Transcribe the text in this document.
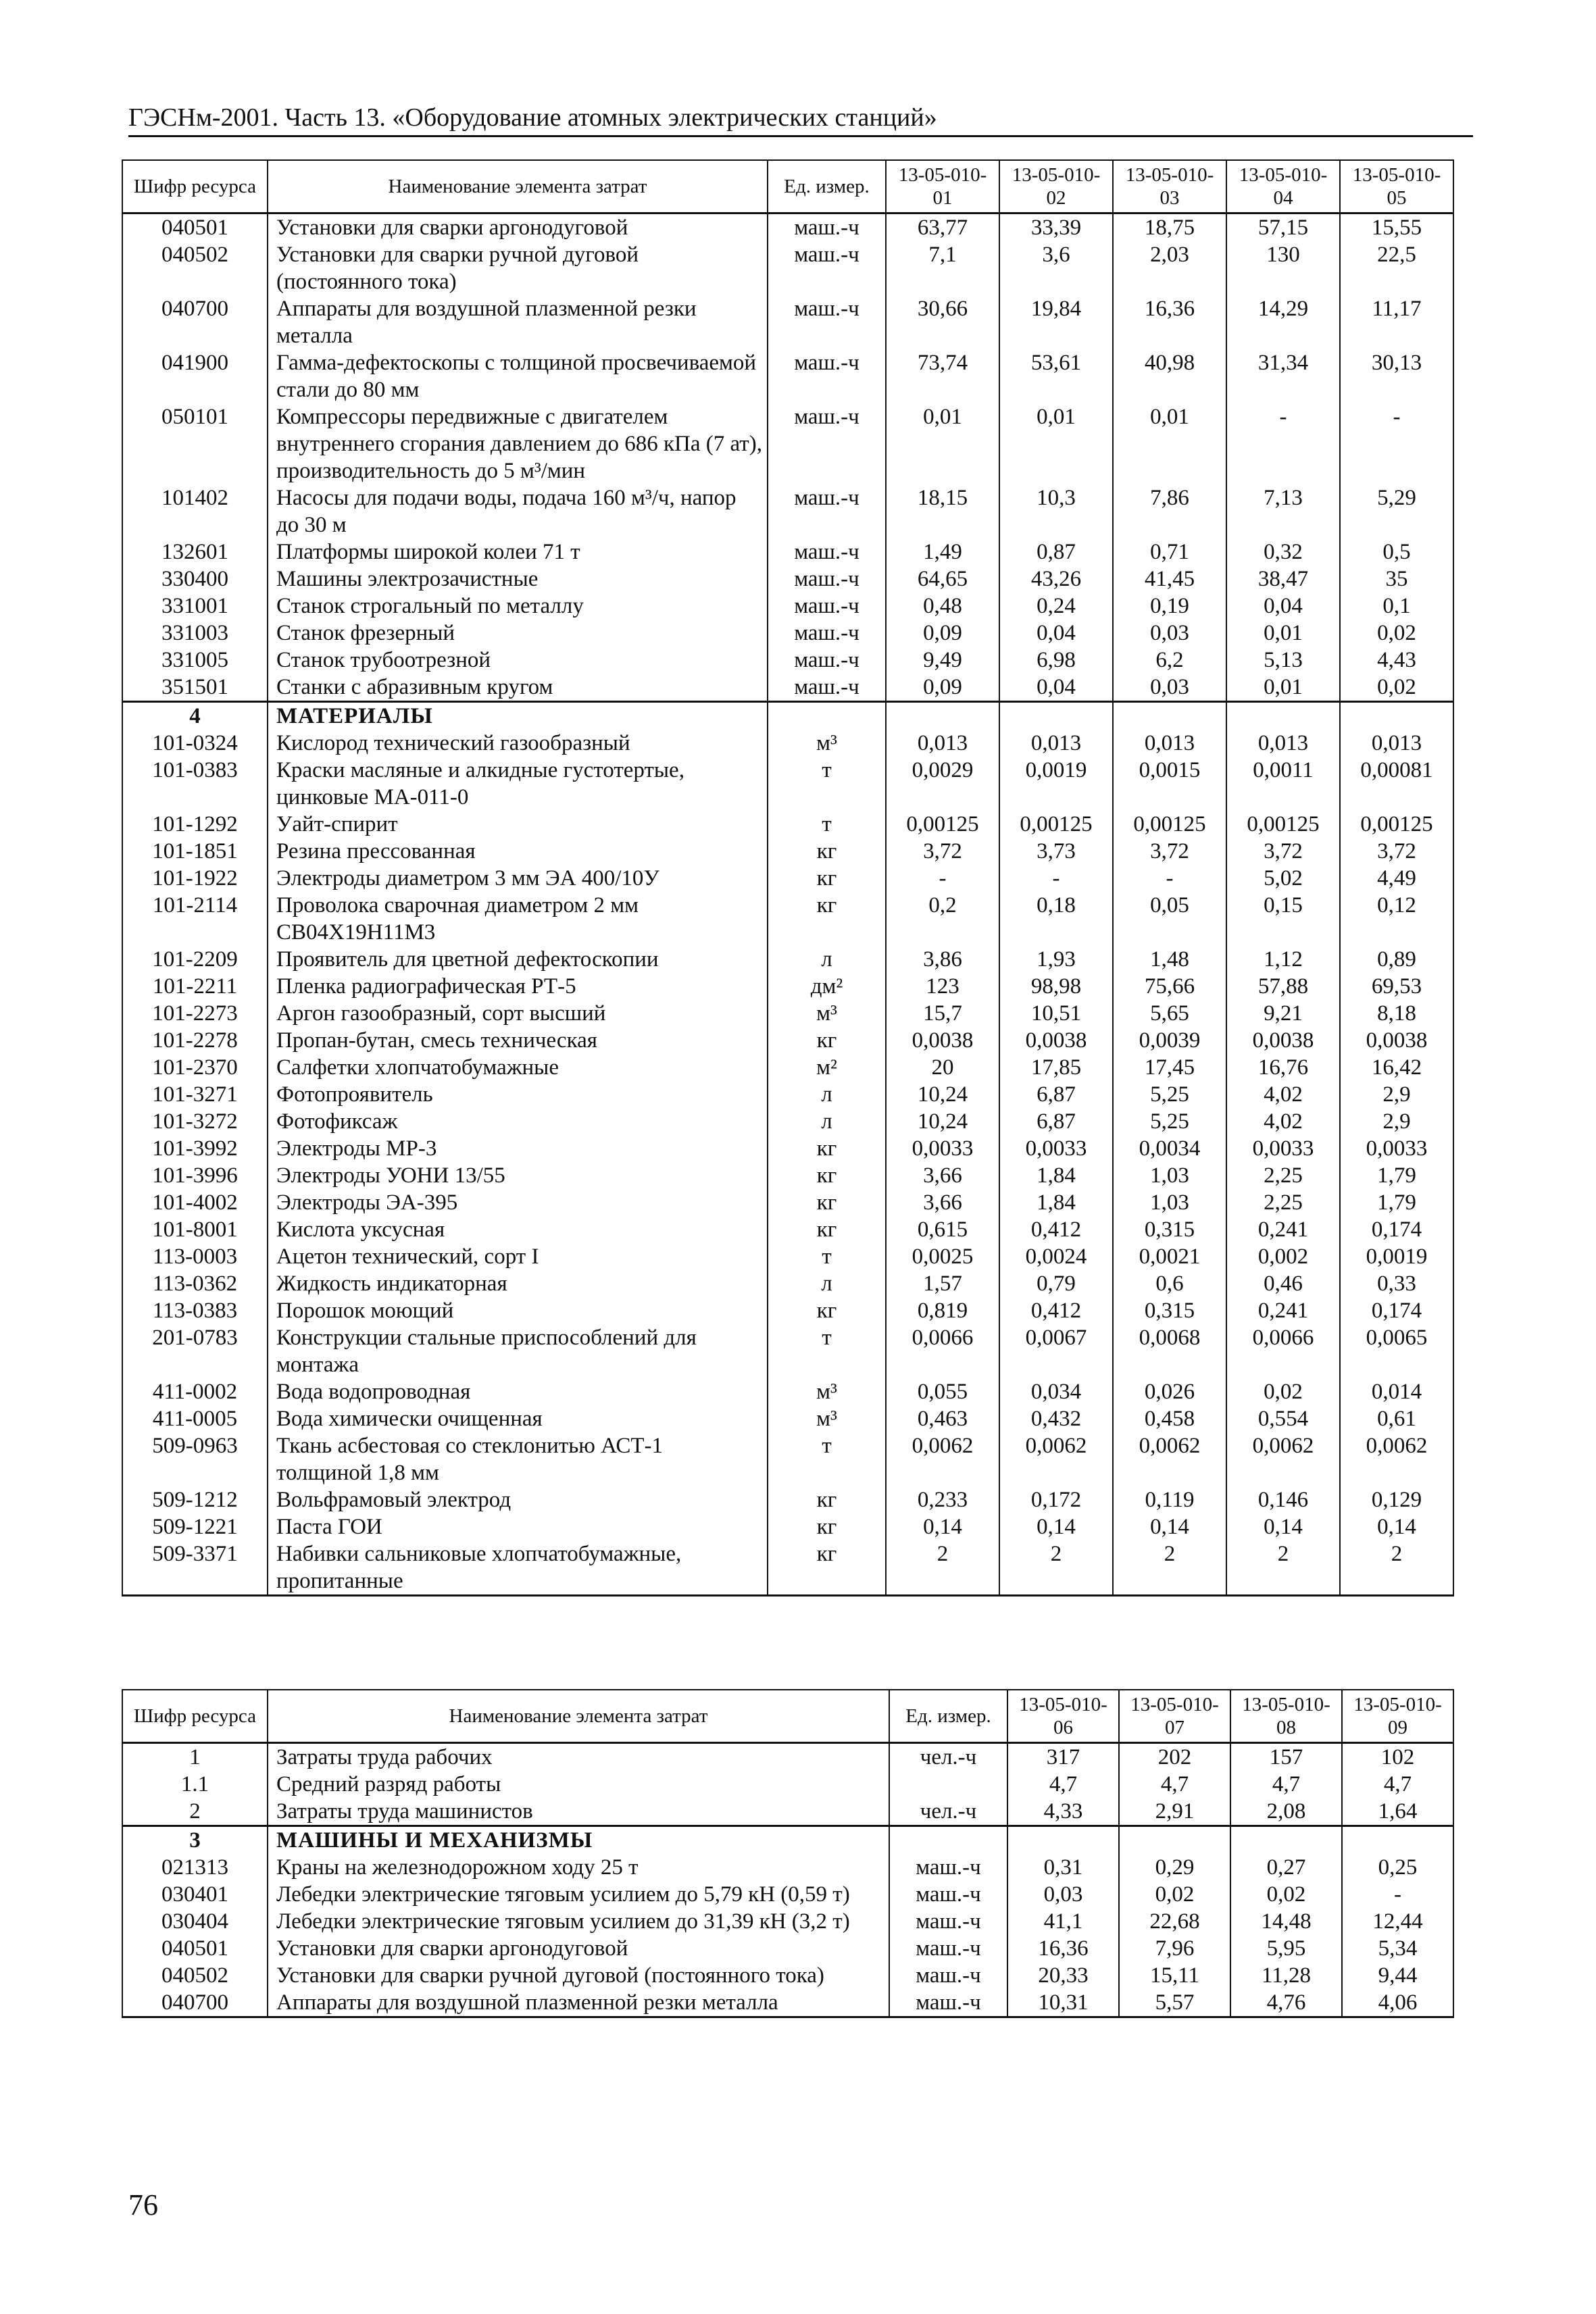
ГЭСНм-2001. Часть 13. «Оборудование атомных электрических станций»
Шифр ресурса	Наименование элемента затрат	Ед. измер.	13-05-010-01	13-05-010-02	13-05-010-03	13-05-010-04	13-05-010-05
040501	Установки для сварки аргонодуговой	маш.-ч	63,77	33,39	18,75	57,15	15,55
040502	Установки для сварки ручной дуговой (постоянного тока)	маш.-ч	7,1	3,6	2,03	130	22,5
040700	Аппараты для воздушной плазменной резки металла	маш.-ч	30,66	19,84	16,36	14,29	11,17
041900	Гамма-дефектоскопы с толщиной просвечиваемой стали до 80 мм	маш.-ч	73,74	53,61	40,98	31,34	30,13
050101	Компрессоры передвижные с двигателем внутреннего сгорания давлением до 686 кПа (7 ат), производительность до 5 м³/мин	маш.-ч	0,01	0,01	0,01	-	-
101402	Насосы для подачи воды, подача 160 м³/ч, напор до 30 м	маш.-ч	18,15	10,3	7,86	7,13	5,29
132601	Платформы широкой колеи 71 т	маш.-ч	1,49	0,87	0,71	0,32	0,5
330400	Машины электрозачистные	маш.-ч	64,65	43,26	41,45	38,47	35
331001	Станок строгальный по металлу	маш.-ч	0,48	0,24	0,19	0,04	0,1
331003	Станок фрезерный	маш.-ч	0,09	0,04	0,03	0,01	0,02
331005	Станок трубоотрезной	маш.-ч	9,49	6,98	6,2	5,13	4,43
351501	Станки с абразивным кругом	маш.-ч	0,09	0,04	0,03	0,01	0,02
4	МАТЕРИАЛЫ						
101-0324	Кислород технический газообразный	м³	0,013	0,013	0,013	0,013	0,013
101-0383	Краски масляные и алкидные густотертые, цинковые МА-011-0	т	0,0029	0,0019	0,0015	0,0011	0,00081
101-1292	Уайт-спирит	т	0,00125	0,00125	0,00125	0,00125	0,00125
101-1851	Резина прессованная	кг	3,72	3,73	3,72	3,72	3,72
101-1922	Электроды диаметром 3 мм ЭА 400/10У	кг	-	-	-	5,02	4,49
101-2114	Проволока сварочная диаметром 2 мм СВ04Х19Н11М3	кг	0,2	0,18	0,05	0,15	0,12
101-2209	Проявитель для цветной дефектоскопии	л	3,86	1,93	1,48	1,12	0,89
101-2211	Пленка радиографическая РТ-5	дм²	123	98,98	75,66	57,88	69,53
101-2273	Аргон газообразный, сорт высший	м³	15,7	10,51	5,65	9,21	8,18
101-2278	Пропан-бутан, смесь техническая	кг	0,0038	0,0038	0,0039	0,0038	0,0038
101-2370	Салфетки хлопчатобумажные	м²	20	17,85	17,45	16,76	16,42
101-3271	Фотопроявитель	л	10,24	6,87	5,25	4,02	2,9
101-3272	Фотофиксаж	л	10,24	6,87	5,25	4,02	2,9
101-3992	Электроды МР-3	кг	0,0033	0,0033	0,0034	0,0033	0,0033
101-3996	Электроды УОНИ 13/55	кг	3,66	1,84	1,03	2,25	1,79
101-4002	Электроды ЭА-395	кг	3,66	1,84	1,03	2,25	1,79
101-8001	Кислота уксусная	кг	0,615	0,412	0,315	0,241	0,174
113-0003	Ацетон технический, сорт I	т	0,0025	0,0024	0,0021	0,002	0,0019
113-0362	Жидкость индикаторная	л	1,57	0,79	0,6	0,46	0,33
113-0383	Порошок моющий	кг	0,819	0,412	0,315	0,241	0,174
201-0783	Конструкции стальные приспособлений для монтажа	т	0,0066	0,0067	0,0068	0,0066	0,0065
411-0002	Вода водопроводная	м³	0,055	0,034	0,026	0,02	0,014
411-0005	Вода химически очищенная	м³	0,463	0,432	0,458	0,554	0,61
509-0963	Ткань асбестовая со стеклонитью АСТ-1 толщиной 1,8 мм	т	0,0062	0,0062	0,0062	0,0062	0,0062
509-1212	Вольфрамовый электрод	кг	0,233	0,172	0,119	0,146	0,129
509-1221	Паста ГОИ	кг	0,14	0,14	0,14	0,14	0,14
509-3371	Набивки сальниковые хлопчатобумажные, пропитанные	кг	2	2	2	2	2
Шифр ресурса	Наименование элемента затрат	Ед. измер.	13-05-010-06	13-05-010-07	13-05-010-08	13-05-010-09
1	Затраты труда рабочих	чел.-ч	317	202	157	102
1.1	Средний разряд работы		4,7	4,7	4,7	4,7
2	Затраты труда машинистов	чел.-ч	4,33	2,91	2,08	1,64
3	МАШИНЫ И МЕХАНИЗМЫ					
021313	Краны на железнодорожном ходу 25 т	маш.-ч	0,31	0,29	0,27	0,25
030401	Лебедки электрические тяговым усилием до 5,79 кН (0,59 т)	маш.-ч	0,03	0,02	0,02	-
030404	Лебедки электрические тяговым усилием до 31,39 кН (3,2 т)	маш.-ч	41,1	22,68	14,48	12,44
040501	Установки для сварки аргонодуговой	маш.-ч	16,36	7,96	5,95	5,34
040502	Установки для сварки ручной дуговой (постоянного тока)	маш.-ч	20,33	15,11	11,28	9,44
040700	Аппараты для воздушной плазменной резки металла	маш.-ч	10,31	5,57	4,76	4,06
76
